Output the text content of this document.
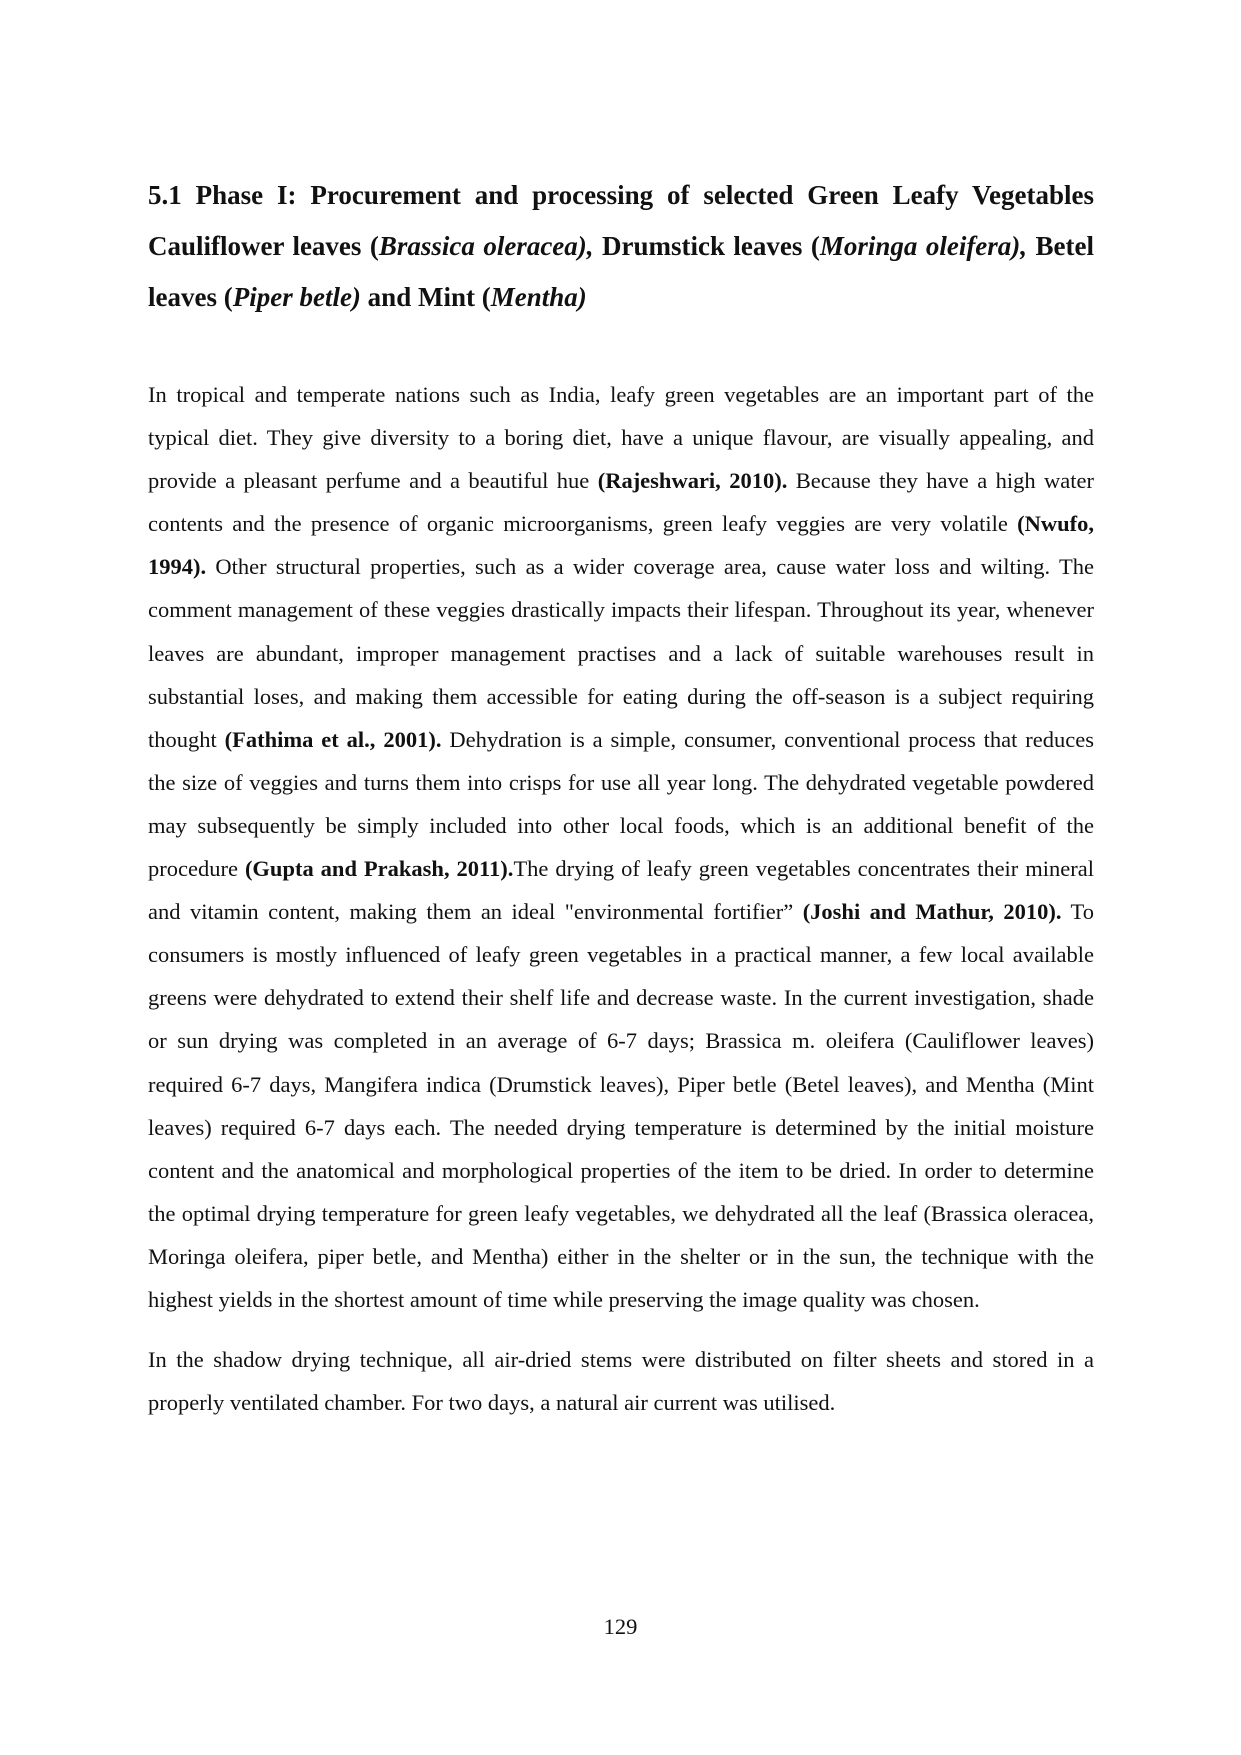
5.1 Phase I: Procurement and processing of selected Green Leafy Vegetables Cauliflower leaves (Brassica oleracea), Drumstick leaves (Moringa oleifera), Betel leaves (Piper betle) and Mint (Mentha)

In tropical and temperate nations such as India, leafy green vegetables are an important part of the typical diet. They give diversity to a boring diet, have a unique flavour, are visually appealing, and provide a pleasant perfume and a beautiful hue (Rajeshwari, 2010). Because they have a high water contents and the presence of organic microorganisms, green leafy veggies are very volatile (Nwufo, 1994). Other structural properties, such as a wider coverage area, cause water loss and wilting. The comment management of these veggies drastically impacts their lifespan. Throughout its year, whenever leaves are abundant, improper management practises and a lack of suitable warehouses result in substantial loses, and making them accessible for eating during the off-season is a subject requiring thought (Fathima et al., 2001). Dehydration is a simple, consumer, conventional process that reduces the size of veggies and turns them into crisps for use all year long. The dehydrated vegetable powdered may subsequently be simply included into other local foods, which is an additional benefit of the procedure (Gupta and Prakash, 2011).The drying of leafy green vegetables concentrates their mineral and vitamin content, making them an ideal "environmental fortifier” (Joshi and Mathur, 2010). To consumers is mostly influenced of leafy green vegetables in a practical manner, a few local available greens were dehydrated to extend their shelf life and decrease waste. In the current investigation, shade or sun drying was completed in an average of 6-7 days; Brassica m. oleifera (Cauliflower leaves) required 6-7 days, Mangifera indica (Drumstick leaves), Piper betle (Betel leaves), and Mentha (Mint leaves) required 6-7 days each. The needed drying temperature is determined by the initial moisture content and the anatomical and morphological properties of the item to be dried. In order to determine the optimal drying temperature for green leafy vegetables, we dehydrated all the leaf (Brassica oleracea, Moringa oleifera, piper betle, and Mentha) either in the shelter or in the sun, the technique with the highest yields in the shortest amount of time while preserving the image quality was chosen.

In the shadow drying technique, all air-dried stems were distributed on filter sheets and stored in a properly ventilated chamber. For two days, a natural air current was utilised.

129
